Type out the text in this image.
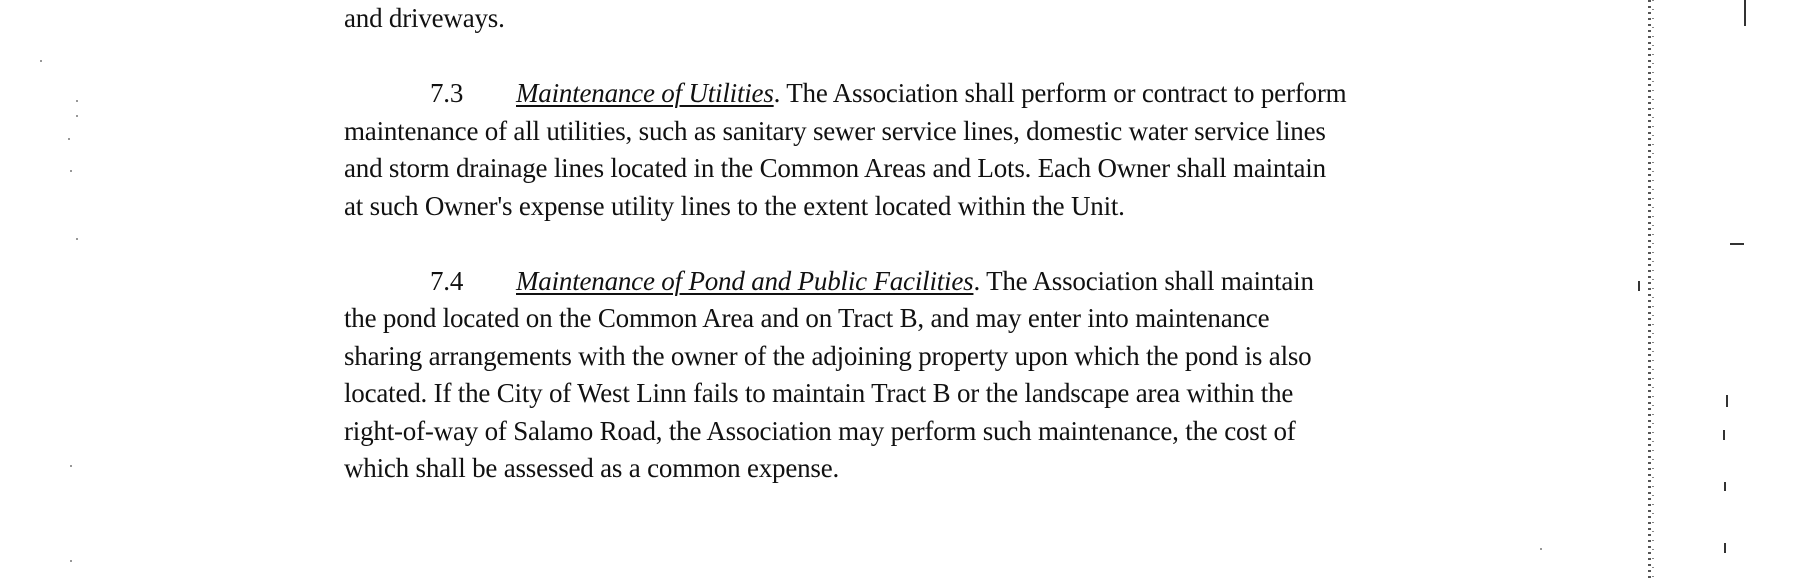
and driveways.
7.3 Maintenance of Utilities. The Association shall perform or contract to perform
maintenance of all utilities, such as sanitary sewer service lines, domestic water service lines
and storm drainage lines located in the Common Areas and Lots. Each Owner shall maintain
at such Owner's expense utility lines to the extent located within the Unit.
7.4 Maintenance of Pond and Public Facilities. The Association shall maintain
the pond located on the Common Area and on Tract B, and may enter into maintenance
sharing arrangements with the owner of the adjoining property upon which the pond is also
located. If the City of West Linn fails to maintain Tract B or the landscape area within the
right-of-way of Salamo Road, the Association may perform such maintenance, the cost of
which shall be assessed as a common expense.
